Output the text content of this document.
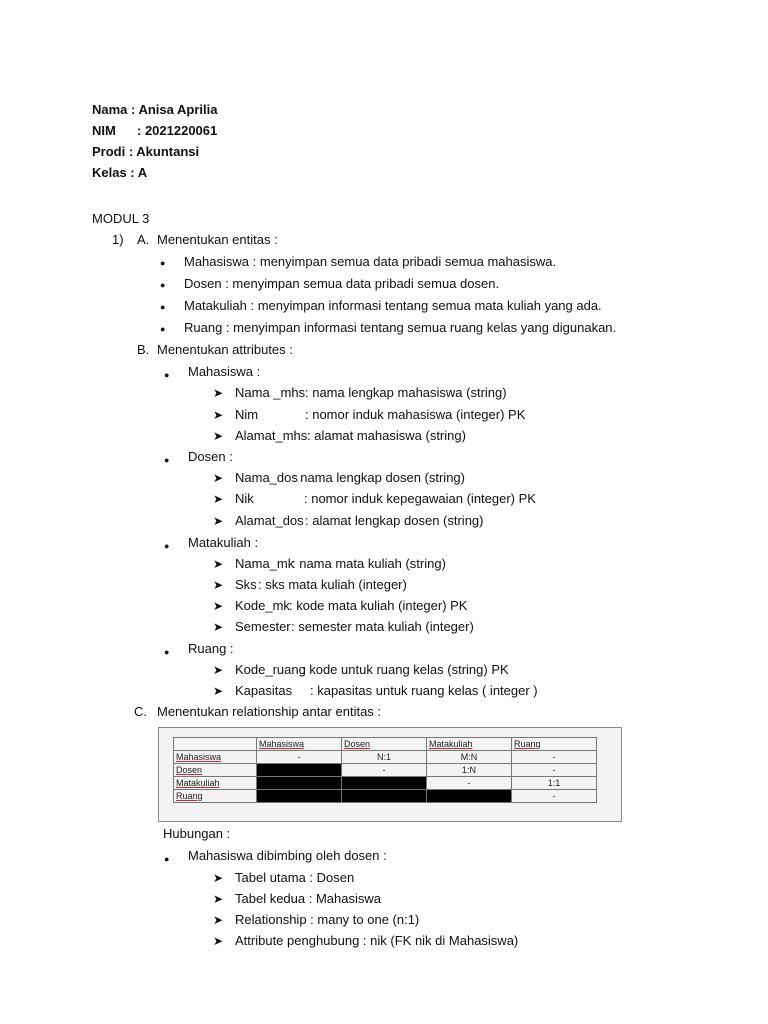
Nama : Anisa Aprilia
NIM : 2021220061
Prodi : Akuntansi
Kelas : A
MODUL 3
1) A. Menentukan entitas :
● Mahasiswa : menyimpan semua data pribadi semua mahasiswa.
● Dosen : menyimpan semua data pribadi semua dosen.
● Matakuliah : menyimpan informasi tentang semua mata kuliah yang ada.
● Ruang : menyimpan informasi tentang semua ruang kelas yang digunakan.
B. Menentukan attributes :
● Mahasiswa :
➤ Nama _mhs : nama lengkap mahasiswa (string)
➤ Nim	: nomor induk mahasiswa (integer) PK
➤ Alamat_mhs : alamat mahasiswa (string)
● Dosen :
➤ Nama_dos
: nama lengkap dosen (string)
➤ Nik	: nomor induk kepegawaian (integer) PK
➤ Alamat_dos : alamat lengkap dosen (string)
● Matakuliah :
➤ Nama_mk
: nama mata kuliah (string)
➤ Sks : sks mata kuliah (integer)
➤ Kode_mk : kode mata kuliah (integer) PK
➤ Semester : semester mata kuliah (integer)
● Ruang :
➤ Kode_ruang
: kode untuk ruang kelas (string) PK
➤ Kapasitas : kapasitas untuk ruang kelas ( integer )
C. Menentukan relationship antar entitas :
	Mahasiswa	Dosen	Matakuliah	Ruang
Mahasiswa	-	N:1	M:N	-
Dosen		-	1:N	-
Matakuliah			-	1:1
Ruang				-
Hubungan :
● Mahasiswa dibimbing oleh dosen :
➤ Tabel utama : Dosen
➤ Tabel kedua : Mahasiswa
➤ Relationship : many to one (n:1)
➤ Attribute penghubung : nik (FK nik di Mahasiswa)
